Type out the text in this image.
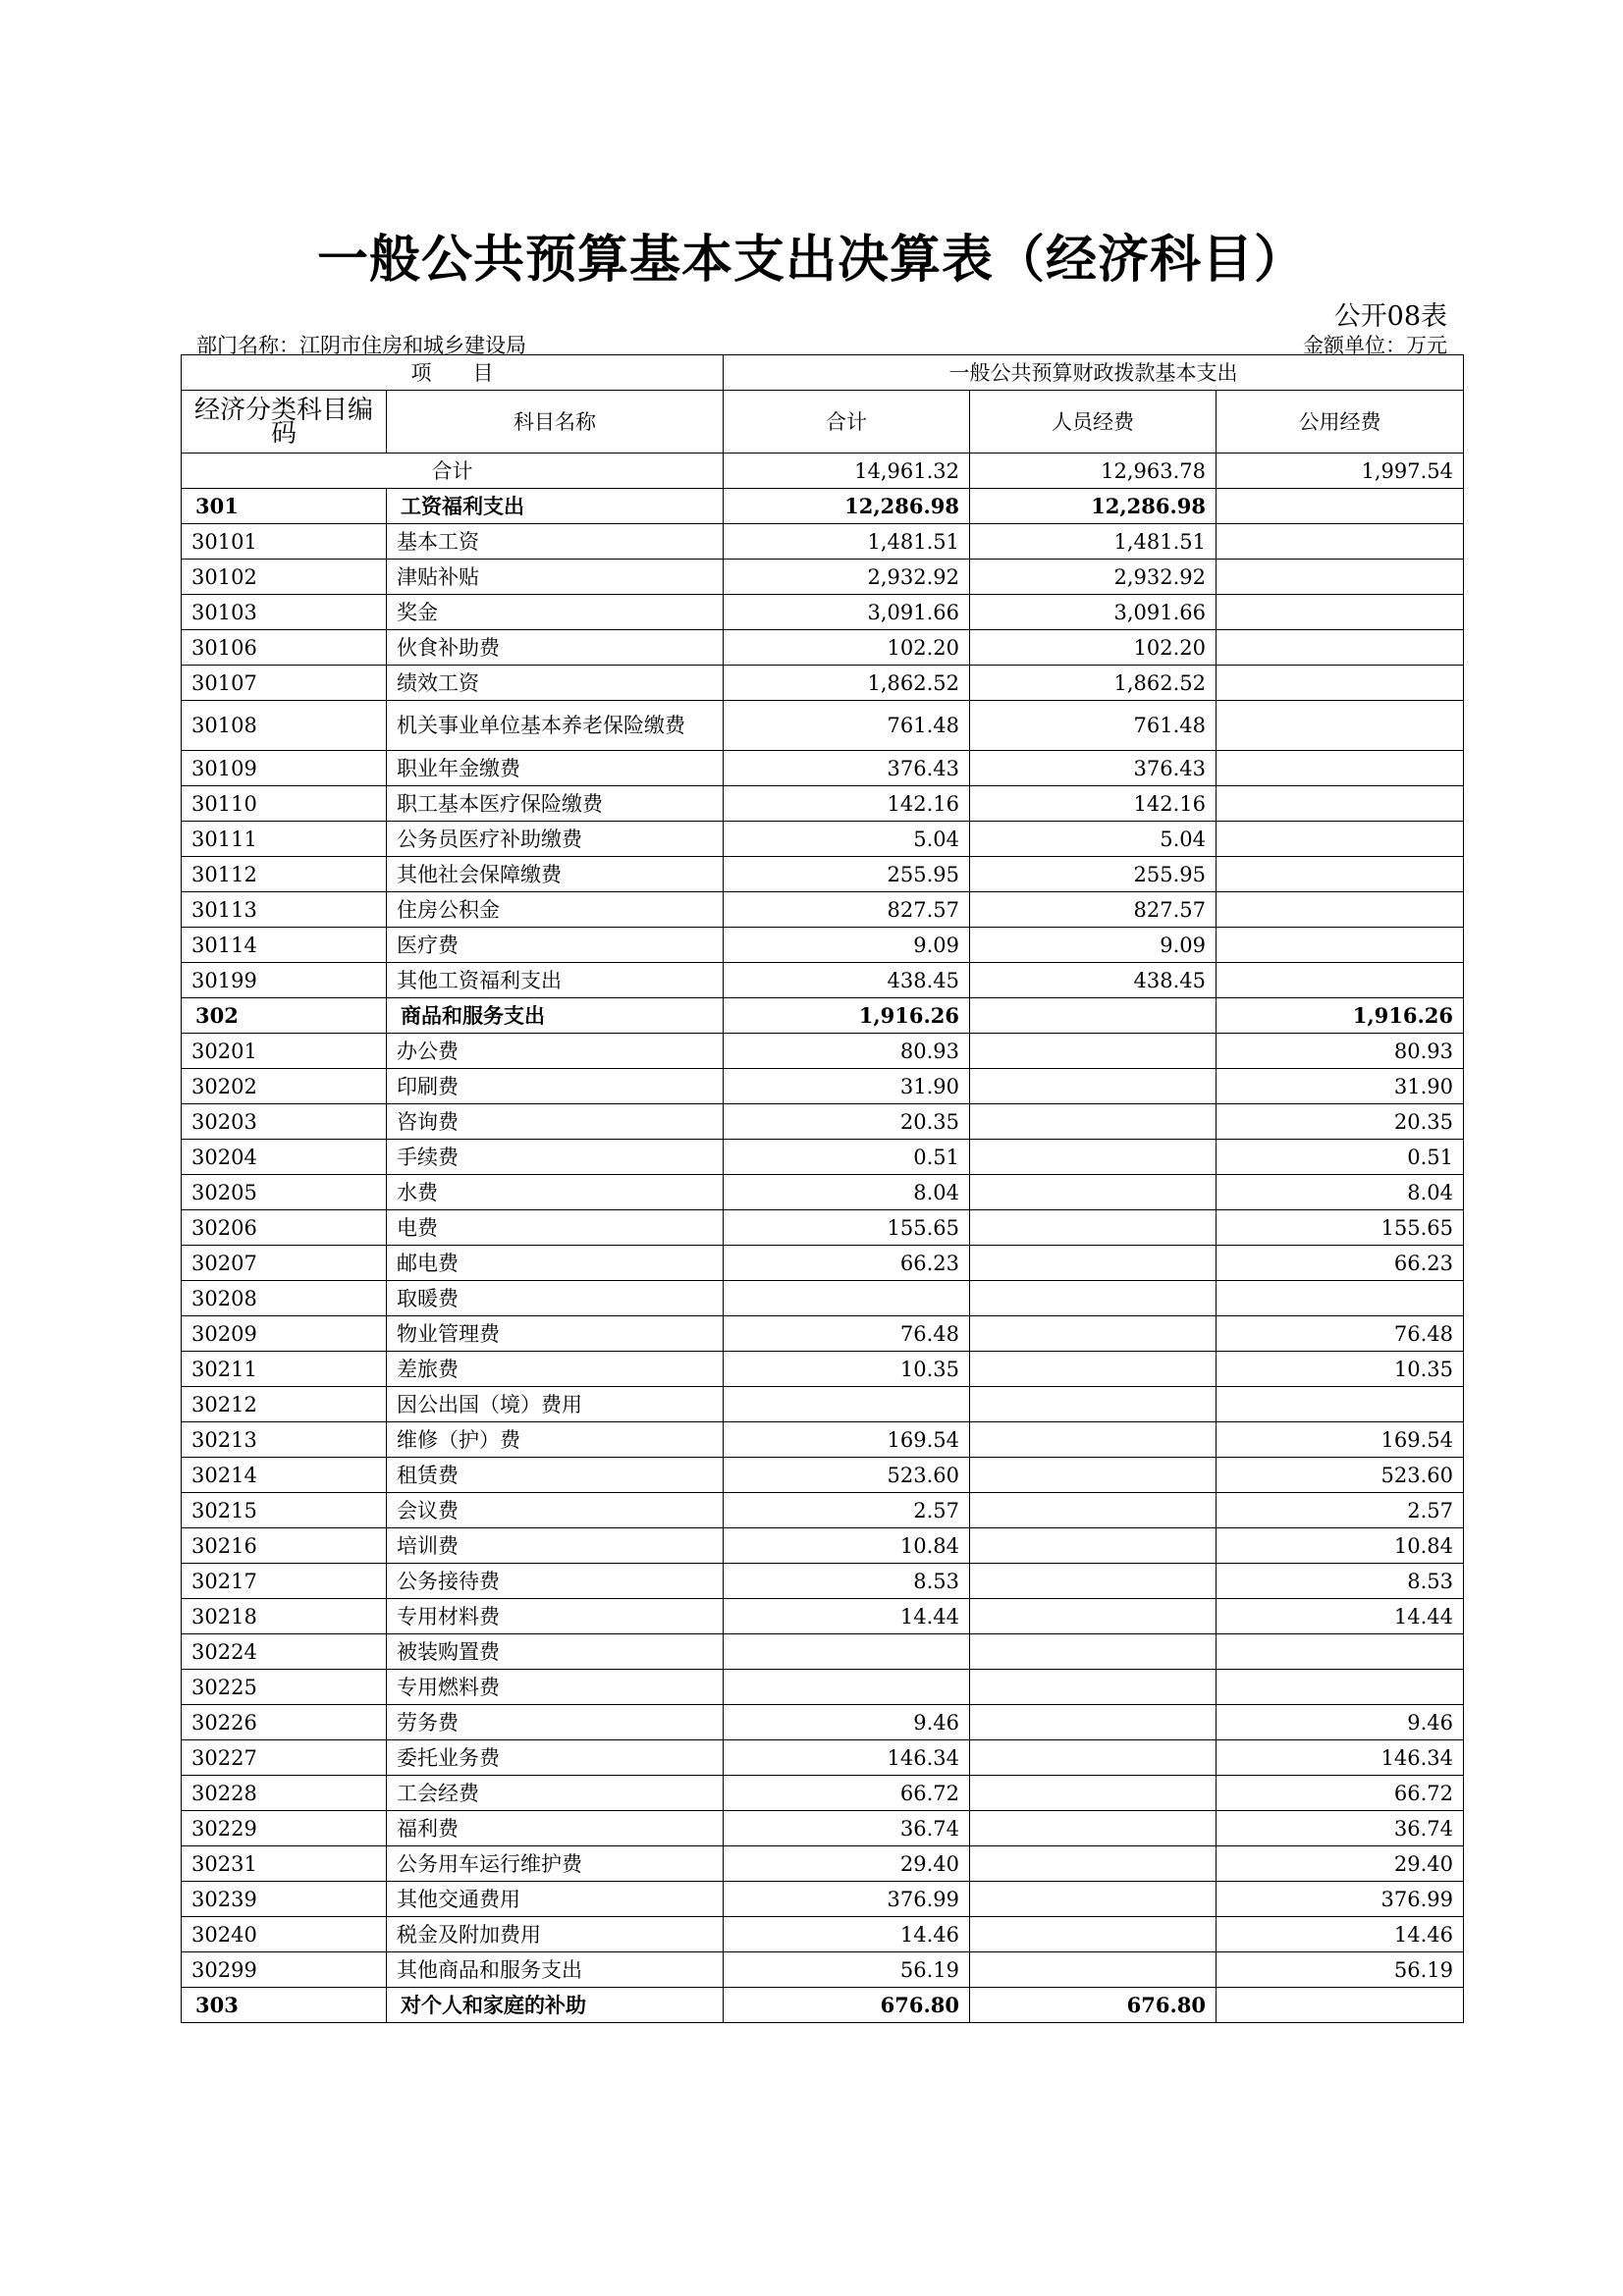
一般公共预算基本支出决算表（经济科目）
公开08表
部门名称：江阴市住房和城乡建设局	金额单位：万元
项　　目		一般公共预算财政拨款基本支出		
经济分类科目编码	科目名称	合计	人员经费	公用经费
合计		14,961.32	12,963.78	1,997.54
301	工资福利支出	12,286.98	12,286.98	
30101	基本工资	1,481.51	1,481.51	
30102	津贴补贴	2,932.92	2,932.92	
30103	奖金	3,091.66	3,091.66	
30106	伙食补助费	102.20	102.20	
30107	绩效工资	1,862.52	1,862.52	
30108	机关事业单位基本养老保险缴费	761.48	761.48	
30109	职业年金缴费	376.43	376.43	
30110	职工基本医疗保险缴费	142.16	142.16	
30111	公务员医疗补助缴费	5.04	5.04	
30112	其他社会保障缴费	255.95	255.95	
30113	住房公积金	827.57	827.57	
30114	医疗费	9.09	9.09	
30199	其他工资福利支出	438.45	438.45	
302	商品和服务支出	1,916.26		1,916.26
30201	办公费	80.93		80.93
30202	印刷费	31.90		31.90
30203	咨询费	20.35		20.35
30204	手续费	0.51		0.51
30205	水费	8.04		8.04
30206	电费	155.65		155.65
30207	邮电费	66.23		66.23
30208	取暖费			
30209	物业管理费	76.48		76.48
30211	差旅费	10.35		10.35
30212	因公出国（境）费用			
30213	维修（护）费	169.54		169.54
30214	租赁费	523.60		523.60
30215	会议费	2.57		2.57
30216	培训费	10.84		10.84
30217	公务接待费	8.53		8.53
30218	专用材料费	14.44		14.44
30224	被装购置费			
30225	专用燃料费			
30226	劳务费	9.46		9.46
30227	委托业务费	146.34		146.34
30228	工会经费	66.72		66.72
30229	福利费	36.74		36.74
30231	公务用车运行维护费	29.40		29.40
30239	其他交通费用	376.99		376.99
30240	税金及附加费用	14.46		14.46
30299	其他商品和服务支出	56.19		56.19
303	对个人和家庭的补助	676.80	676.80	
